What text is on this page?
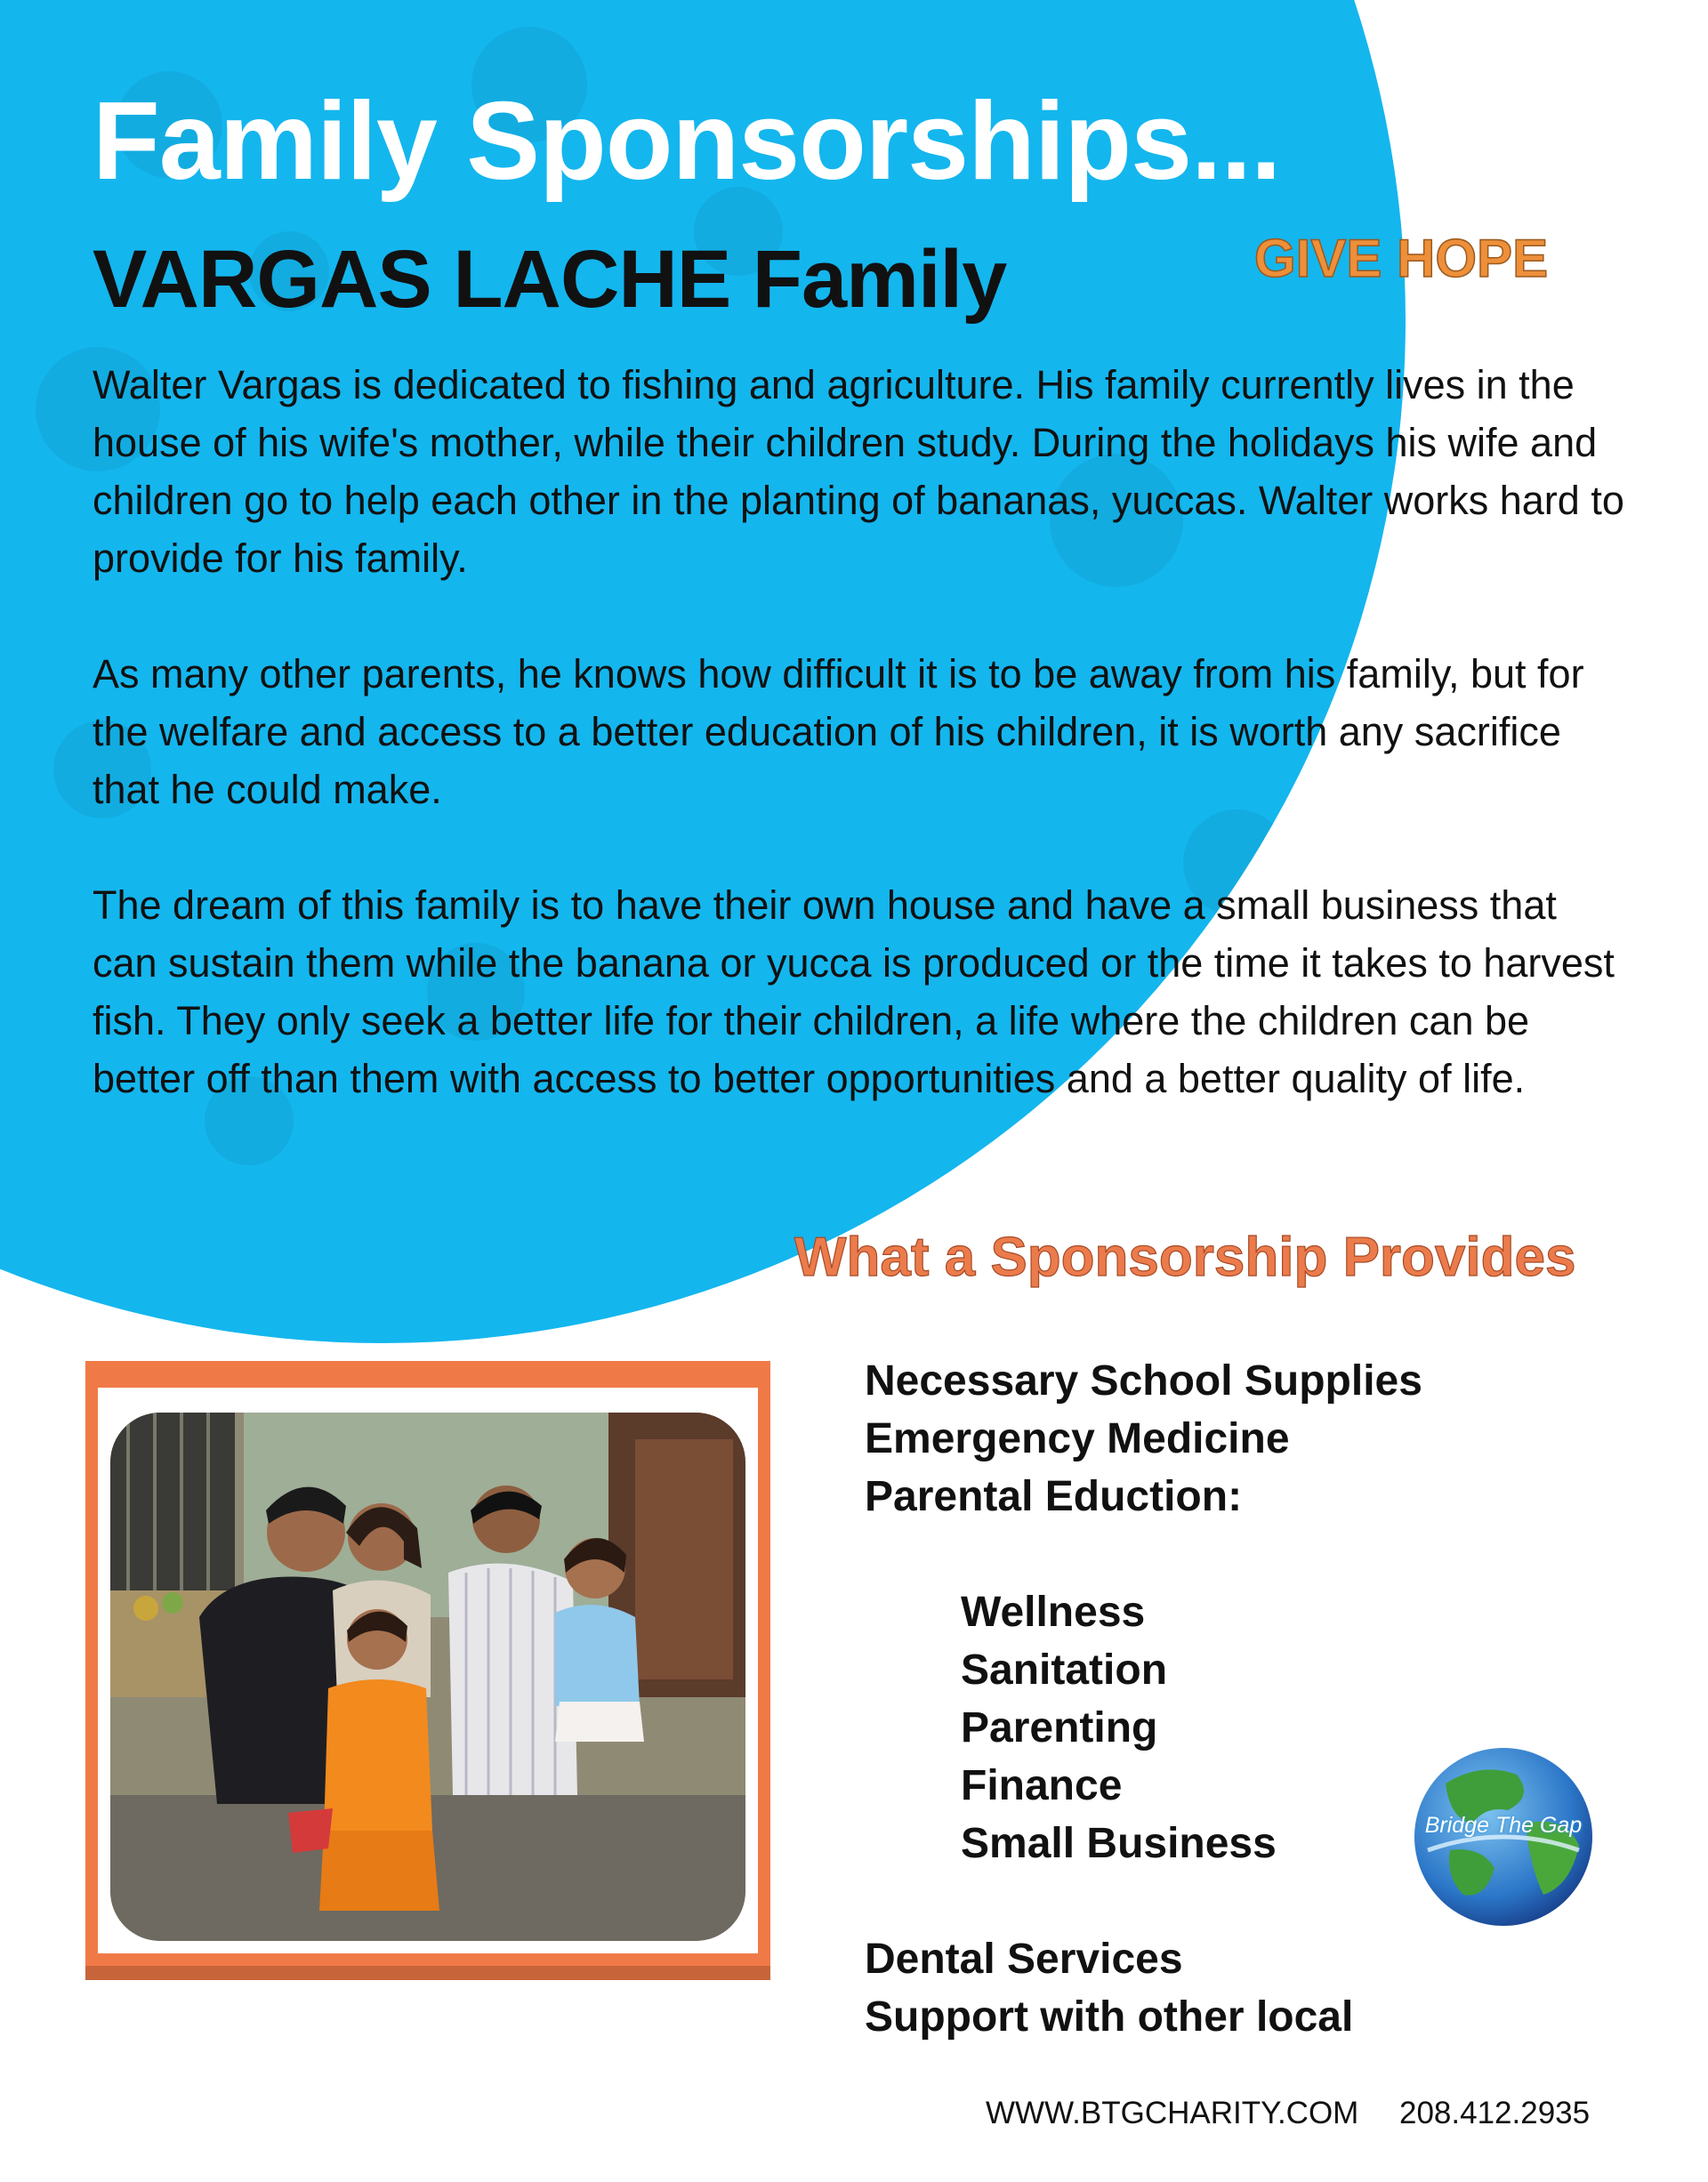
Family Sponsorships...
VARGAS LACHE Family	GIVE HOPE

Walter Vargas is dedicated to fishing and agriculture. His family currently lives in the house of his wife's mother, while their children study. During the holidays his wife and children go to help each other in the planting of bananas, yuccas. Walter works hard to provide for his family.

As many other parents, he knows how difficult it is to be away from his family, but for the welfare and access to a better education of his children, it is worth any sacrifice that he could make.

The dream of this family is to have their own house and have a small business that can sustain them while the banana or yucca is produced or the time it takes to harvest fish. They only seek a better life for their children, a life where the children can be better off than them with access to better opportunities and a better quality of life.

What a Sponsorship Provides
Necessary School Supplies
Emergency Medicine
Parental Eduction:
Wellness
Sanitation
Parenting
Finance
Small Business
Dental Services
Support with other local
Bridge The Gap
WWW.BTGCHARITY.COM 208.412.2935
